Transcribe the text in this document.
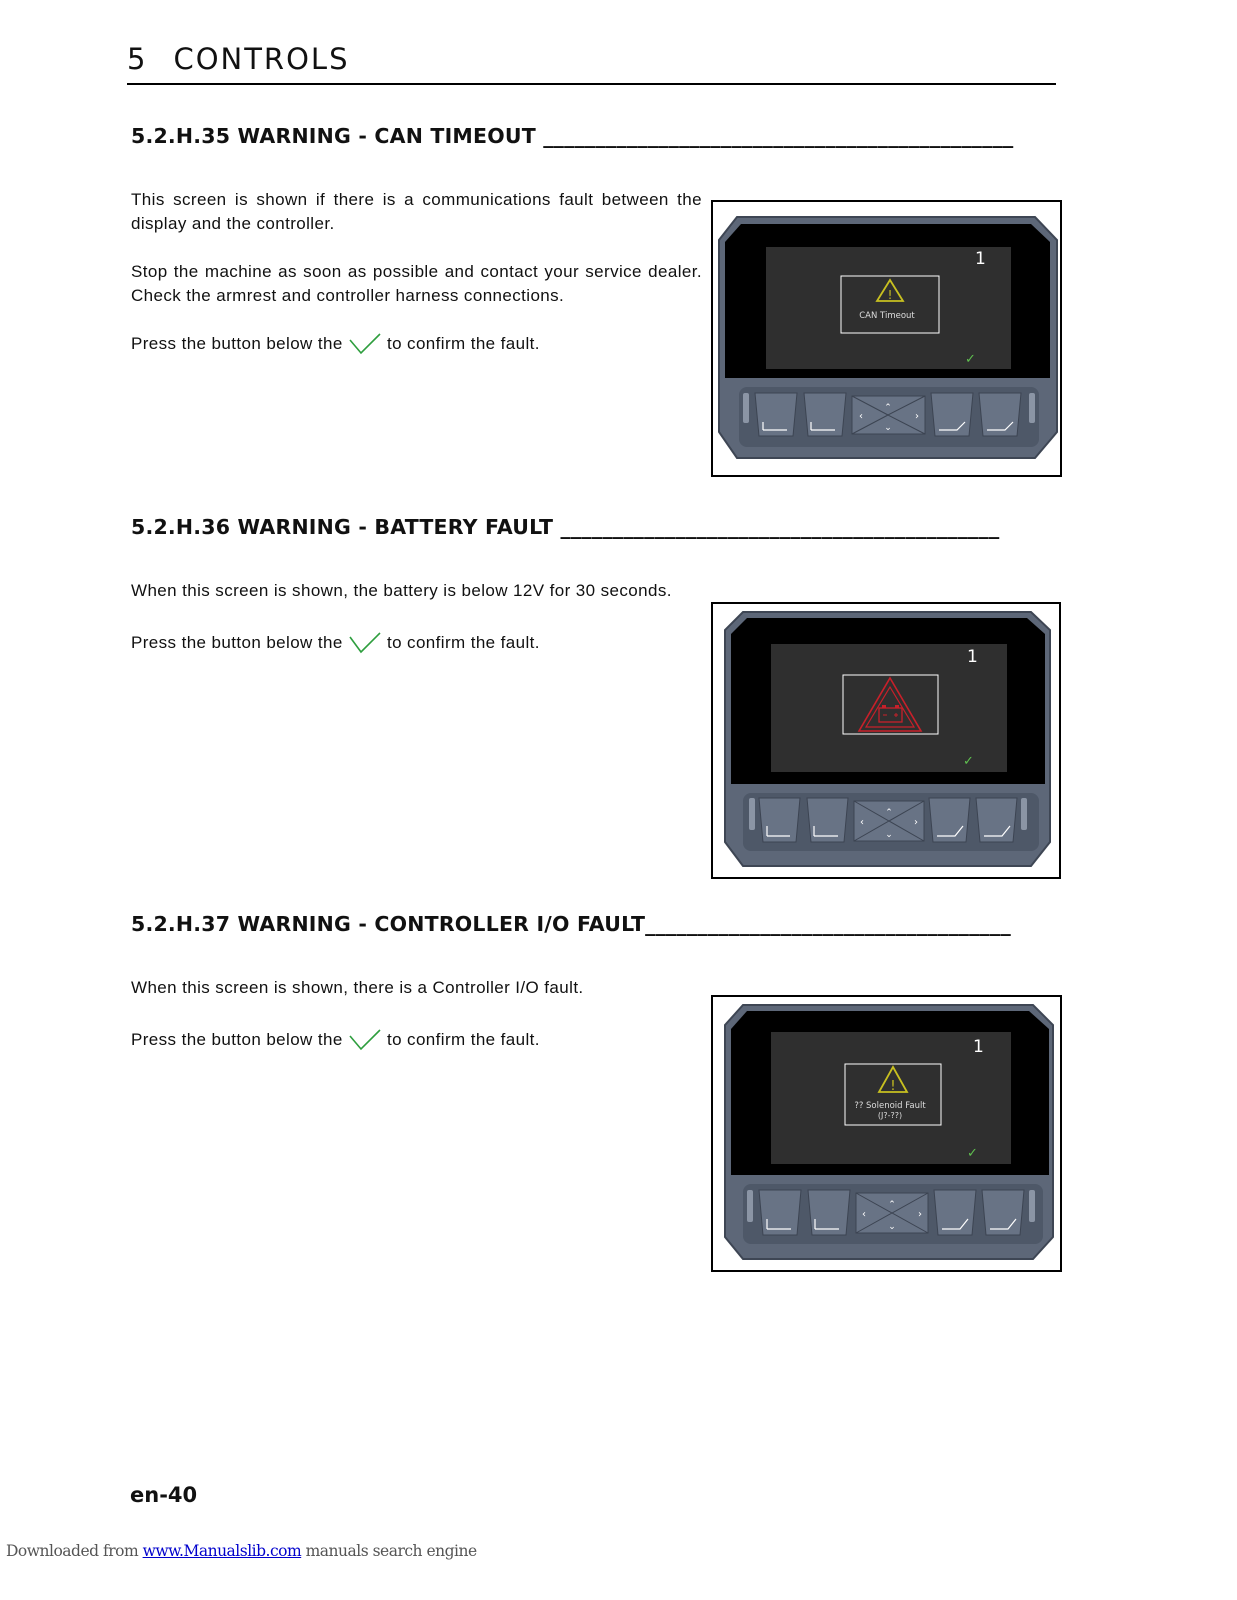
5 CONTROLS
5.2.H.35 WARNING - CAN TIMEOUT _____________________________________________

This screen is shown if there is a communications fault between the display and the controller.

Stop the machine as soon as possible and contact your service dealer. Check the armrest and controller harness connections.

Press the button below the	to confirm the fault.

1
!
CAN Timeout
✓
⌃
⌄
‹	›
5.2.H.36 WARNING - BATTERY FAULT __________________________________________

When this screen is shown, the battery is below 12V for 30 seconds.

Press the button below the	to confirm the fault.

1
✓
⌃
⌄
‹	›
5.2.H.37 WARNING - CONTROLLER I/O FAULT___________________________________

When this screen is shown, there is a Controller I/O fault.

Press the button below the	to confirm the fault.	1
!
?? Solenoid Fault
(J?-??)
✓
⌃
⌄
‹	›
en-40
Downloaded from www.Manualslib.com manuals search engine
